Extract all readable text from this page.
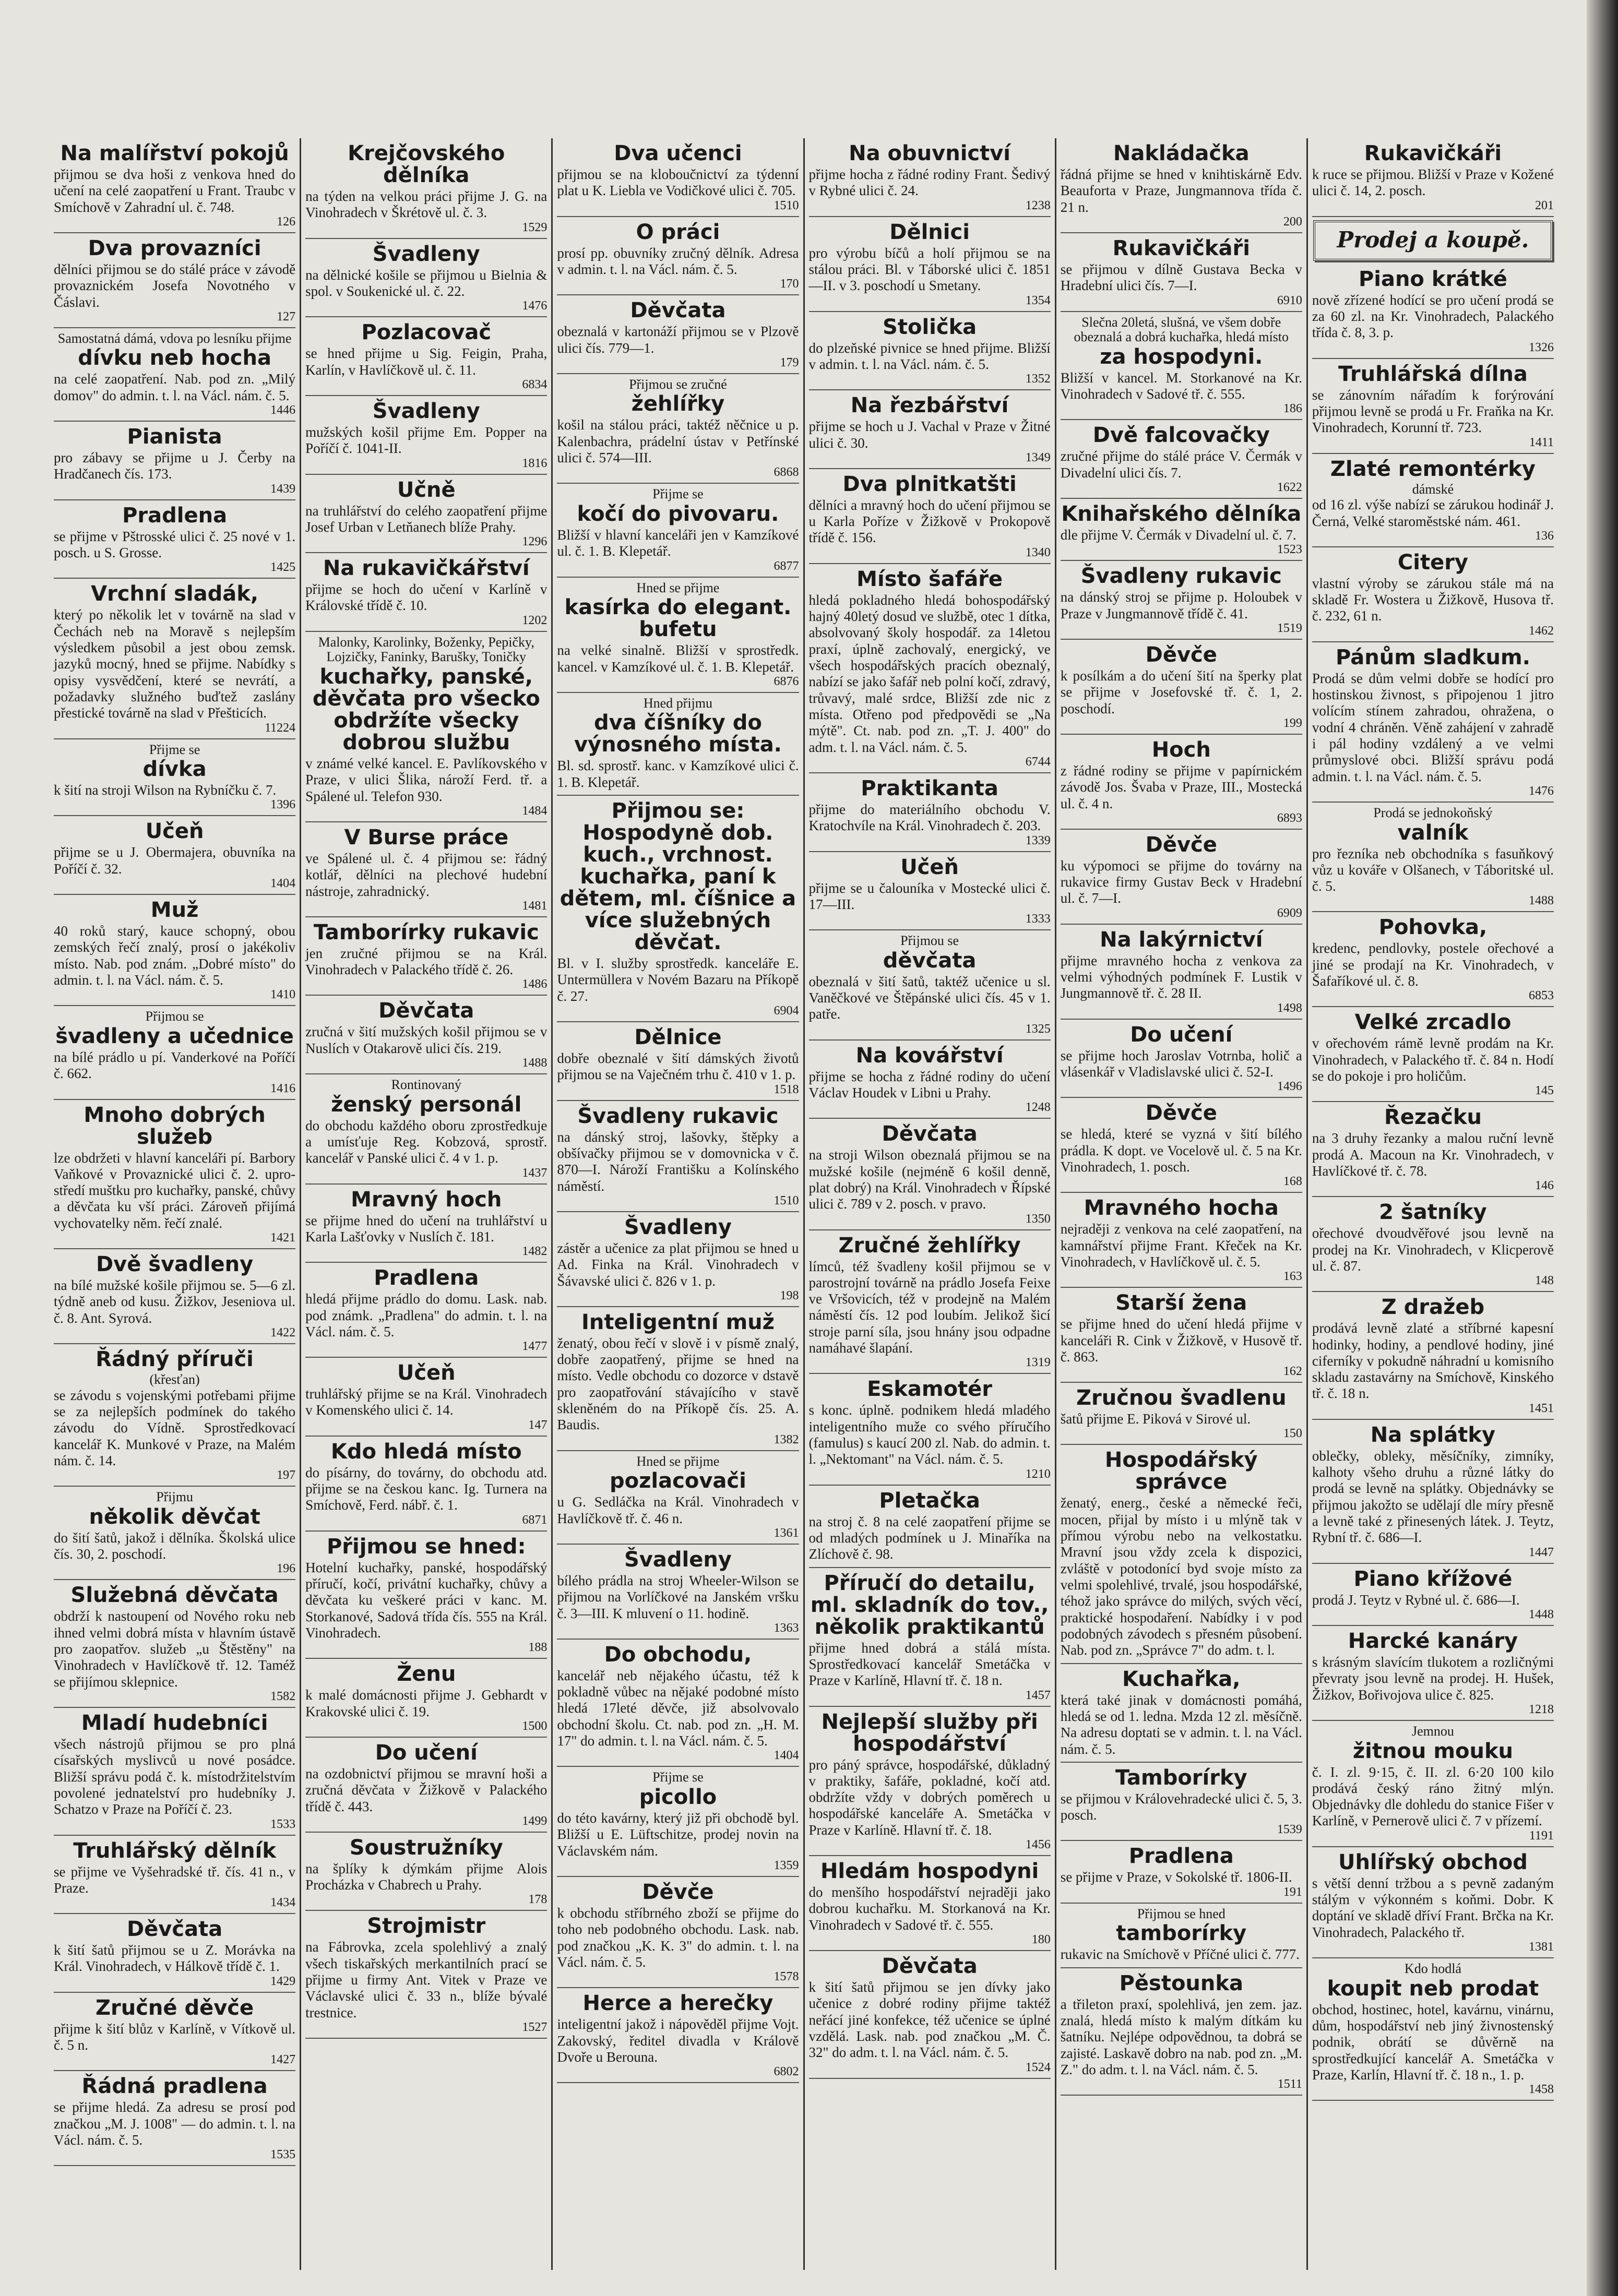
Na malířství pokojů
přijmou se dva hoši z venkova hned do učení na celé zaopatření u Frant. Traubc v Smíchově v Zahradní ul. č. 748.
126
Dva provazníci
dělníci přijmou se do stálé práce v závodě provaznickém Josefa Novotného v Čáslavi.
127
Samostatná dámá, vdova po lesníku přijme
dívku neb hocha
na celé zaopatření. Nab. pod zn. „Milý domov" do admin. t. l. na Václ. nám. č. 5.
1446
Pianista
pro zábavy se přijme u J. Čerby na Hradčanech čís. 173.
1439
Pradlena
se přijme v Pštrosské ulici č. 25 nové v 1. posch. u S. Grosse.
1425
Vrchní sladák,
který po několik let v továrně na slad v Čechách neb na Moravě s nejlepším výsledkem působil a jest obou zemsk. jazyků mocný, hned se přijme. Nabídky s opisy vysvědčení, které se nevrátí, a požadavky služného buďtež zaslány přestické továrně na slad v Přešticích.
11224
Přijme se
dívka
k šití na stroji Wilson na Rybníčku č. 7.
1396
Učeň
přijme se u J. Obermajera, obuvníka na Poříčí č. 32.
1404
Muž
40 roků starý, kauce schopný, obou zemských řečí znalý, prosí o jakékoliv místo. Nab. pod znám. „Dobré místo" do admin. t. l. na Václ. nám. č. 5.
1410
Přijmou se
švadleny a učednice
na bílé prádlo u pí. Vanderkové na Poříčí č. 662.
1416
Mnoho dobrých služeb
lze obdržeti v hlavní kanceláři pí. Barbory Vaňkové v Provaznické ulici č. 2. upro-středí muštku pro kuchařky, panské, chůvy a děvčata ku vší práci. Zároveň přijímá vychovatelky něm. řečí znalé.
1421
Dvě švadleny
na bílé mužské košile přijmou se. 5—6 zl. týdně aneb od kusu. Žižkov, Jeseniova ul. č. 8. Ant. Syrová.
1422
Řádný příruči
(křesťan)
se závodu s vojenskými potřebami přijme se za nejlepších podmínek do takého závodu do Vídně. Sprostředkovací kancelář K. Munkové v Praze, na Malém nám. č. 14.
197
Přijmu
několik děvčat
do šití šatů, jakož i dělníka. Školská ulice čís. 30, 2. poschodí.
196
Služebná děvčata
obdrží k nastoupení od Nového roku neb ihned velmi dobrá místa v hlavním ústavě pro zaopatřov. služeb „u Štěstěny" na Vinohradech v Havlíčkově tř. 12. Taméž se přijímou sklepnice.
1582
Mladí hudebníci
všech nástrojů přijmou se pro plná císařských myslivců u nové posádce. Bližší správu podá č. k. místodržitelstvím povolené jednatelství pro hudebníky J. Schatzo v Praze na Poříčí č. 23.
1533
Truhlářský dělník
se přijme ve Vyšehradské tř. čís. 41 n., v Praze.
1434
Děvčata
k šití šatů přijmou se u Z. Morávka na Král. Vinohradech, v Hálkově třídě č. 1.
1429
Zručné děvče
přijme k šití blůz v Karlíně, v Vítkově ul. č. 5 n.
1427
Řádná pradlena
se přijme hledá. Za adresu se prosí pod značkou „M. J. 1008" — do admin. t. l. na Václ. nám. č. 5.
1535
Krejčovského dělníka
na týden na velkou práci přijme J. G. na Vinohradech v Škrétově ul. č. 3.
1529
Švadleny
na dělnické košile se přijmou u Bielnia & spol. v Soukenické ul. č. 22.
1476
Pozlacovač
se hned přijme u Sig. Feigin, Praha, Karlín, v Havlíčkově ul. č. 11.
6834
Švadleny
mužských košil přijme Em. Popper na Poříčí č. 1041-II.
1816
Učně
na truhlářství do celého zaopatření přijme Josef Urban v Letňanech blíže Prahy.
1296
Na rukavičkářství
přijme se hoch do učení v Karlíně v Královské třídě č. 10.
1202
Malonky, Karolinky, Boženky, Pepičky, Lojzičky, Faninky, Barušky, Toničky
kuchařky, panské, děvčata pro všecko obdržíte všecky dobrou službu
v známé velké kancel. E. Pavlíkovského v Praze, v ulici Šlika, nároží Ferd. tř. a Spálené ul. Telefon 930.
1484
V Burse práce
ve Spálené ul. č. 4 přijmou se: řádný kotlář, dělníci na plechové hudební nástroje, zahradnický.
1481
Tamborírky rukavic
jen zručné přijmou se na Král. Vinohradech v Palackého třídě č. 26.
1486
Děvčata
zručná v šití mužských košil přijmou se v Nuslích v Otakarově ulici čís. 219.
1488
Rontinovaný
ženský personál
do obchodu každého oboru zprostředkuje a umísťuje Reg. Kobzová, sprostř. kancelář v Panské ulici č. 4 v 1. p.
1437
Mravný hoch
se přijme hned do učení na truhlářství u Karla Lašťovky v Nuslích č. 181.
1482
Pradlena
hledá přijme prádlo do domu. Lask. nab. pod známk. „Pradlena" do admin. t. l. na Václ. nám. č. 5.
1477
Učeň
truhlářský přijme se na Král. Vinohradech v Komenského ulici č. 14.
147
Kdo hledá místo
do písárny, do továrny, do obchodu atd. přijme se na českou kanc. Ig. Turnera na Smíchově, Ferd. nábř. č. 1.
6871
Přijmou se hned:
Hotelní kuchařky, panské, hospodářský příručí, kočí, privátní kuchařky, chůvy a děvčata ku veškeré práci v kanc. M. Storkanové, Sadová třída čís. 555 na Král. Vinohradech.
188
Ženu
k malé domácnosti přijme J. Gebhardt v Krakovské ulici č. 19.
1500
Do učení
na ozdobnictví přijmou se mravní hoši a zručná děvčata v Žižkově v Palackého třídě č. 443.
1499
Soustružníky
na šplíky k dýmkám přijme Alois Procházka v Chabrech u Prahy.
178
Strojmistr
na Fábrovka, zcela spolehlivý a znalý všech tiskařských merkantilních prací se přijme u firmy Ant. Vitek v Praze ve Václavské ulici č. 33 n., blíže bývalé trestnice.
1527
Dva učenci
přijmou se na kloboučnictví za týdenní plat u K. Liebla ve Vodičkové ulici č. 705.
1510
O práci
prosí pp. obuvníky zručný dělník. Adresa v admin. t. l. na Václ. nám. č. 5.
170
Děvčata
obeznalá v kartonáží přijmou se v Plzově ulici čís. 779—1.
179
Přijmou se zručné
žehlířky
košil na stálou práci, taktéž něčnice u p. Kalenbachra, prádelní ústav v Petřínské ulici č. 574—III.
6868
Přijme se
kočí do pivovaru.
Bližší v hlavní kanceláři jen v Kamzíkové ul. č. 1. B. Klepetář.
6877
Hned se přijme
kasírka do elegant. bufetu
na velké sinalně. Bližší v sprostředk. kancel. v Kamzíkové ul. č. 1. B. Klepetář.
6876
Hned přijmu
dva číšníky do výnosného místa.
Bl. sd. sprostř. kanc. v Kamzíkové ulici č. 1. B. Klepetář.
Přijmou se: Hospodyně dob. kuch., vrchnost. kuchařka, paní k dětem, ml. číšnice a více služebných děvčat.
Bl. v I. služby sprostředk. kanceláře E. Untermüllera v Novém Bazaru na Příkopě č. 27.
6904
Dělnice
dobře obeznalé v šití dámských životů přijmou se na Vaječném trhu č. 410 v 1. p.
1518
Švadleny rukavic
na dánský stroj, lašovky, štěpky a obšívačky přijmou se v domovnicka v č. 870—I. Nároží Františku a Kolínského náměstí.
1510
Švadleny
zástěr a učenice za plat přijmou se hned u Ad. Finka na Král. Vinohradech v Šávavské ulici č. 826 v 1. p.
198
Inteligentní muž
ženatý, obou řečí v slově i v písmě znalý, dobře zaopatřený, přijme se hned na místo. Vedle obchodu co dozorce v dstavě pro zaopatřování stávajícího v stavě skleněném do na Příkopě čís. 25. A. Baudis.
1382
Hned se přijme
pozlacovači
u G. Sedláčka na Král. Vinohradech v Havlíčkově tř. č. 46 n.
1361
Švadleny
bílého prádla na stroj Wheeler-Wilson se přijmou na Vorlíčkové na Janském vršku č. 3—III. K mluvení o 11. hodině.
1363
Do obchodu,
kancelář neb nějakého účastu, též k pokladně vůbec na nějaké podobné místo hledá 17leté děvče, již absolvovalo obchodní školu. Ct. nab. pod zn. „H. M. 17" do admin. t. l. na Václ. nám. č. 5.
1404
Přijme se
picollo
do této kavárny, který již při obchodě byl. Bližší u E. Lüftschitze, prodej novin na Václavském nám.
1359
Děvče
k obchodu stříbrného zboží se přijme do toho neb podobného obchodu. Lask. nab. pod značkou „K. K. 3" do admin. t. l. na Václ. nám. č. 5.
1578
Herce a herečky
inteligentní jakož i nápověděl přijme Vojt. Zakovský, ředitel divadla v Králově Dvoře u Berouna.
6802
Na obuvnictví
přijme hocha z řádné rodiny Frant. Šedivý v Rybné ulici č. 24.
1238
Dělnici
pro výrobu bíčů a holí přijmou se na stálou práci. Bl. v Táborské ulici č. 1851—II. v 3. poschodí u Smetany.
1354
Stolička
do plzeňské pivnice se hned přijme. Bližší v admin. t. l. na Václ. nám. č. 5.
1352
Na řezbářství
přijme se hoch u J. Vachal v Praze v Žitné ulici č. 30.
1349
Dva plnitkatšti
dělníci a mravný hoch do učení přijmou se u Karla Poříze v Žižkově v Prokopově třídě č. 156.
1340
Místo šafáře
hledá pokladného hledá bohospodářský hajný 40letý dosud ve službě, otec 1 dítka, absolvovaný školy hospodář. za 14letou praxí, úplně zachovalý, energický, ve všech hospodářských pracích obeznalý, nabízí se jako šafář neb polní kočí, zdravý, trůvavý, malé srdce, Bližší zde nic z místa. Otřeno pod předpovědi se „Na mýtě". Ct. nab. pod zn. „T. J. 400" do adm. t. l. na Václ. nám. č. 5.
6744
Praktikanta
přijme do materiálního obchodu V. Kratochvíle na Král. Vinohradech č. 203.
1339
Učeň
přijme se u čalouníka v Mostecké ulici č. 17—III.
1333
Přijmou se
děvčata
obeznalá v šití šatů, taktéž učenice u sl. Vaněčkové ve Štěpánské ulici čís. 45 v 1. patře.
1325
Na kovářství
přijme se hocha z řádné rodiny do učení Václav Houdek v Libni u Prahy.
1248
Děvčata
na stroji Wilson obeznalá přijmou se na mužské košile (nejméně 6 košil denně, plat dobrý) na Král. Vinohradech v Řípské ulici č. 789 v 2. posch. v pravo.
1350
Zručné žehlířky
límců, též švadleny košil přijmou se v parostrojní továrně na prádlo Josefa Feixe ve Vršovicích, též v prodejně na Malém náměstí čís. 12 pod loubím. Jelikož šicí stroje parní síla, jsou hnány jsou odpadne namáhavé šlapání.
1319
Eskamotér
s konc. úplně. podnikem hledá mladého inteligentního muže co svého příručího (famulus) s kaucí 200 zl. Nab. do admin. t. l. „Nektomant" na Václ. nám. č. 5.
1210
Pletačka
na stroj č. 8 na celé zaopatření přijme se od mladých podmínek u J. Minaříka na Zlíchově č. 98.
Příručí do detailu, ml. skladník do tov., několik praktikantů
přijme hned dobrá a stálá místa. Sprostředkovací kancelář Smetáčka v Praze v Karlíně, Hlavní tř. č. 18 n.
1457
Nejlepší služby při hospodářství
pro páný správce, hospodářské, důkladný v praktiky, šafáře, pokladné, kočí atd. obdržíte vždy v dobrých poměrech u hospodářské kanceláře A. Smetáčka v Praze v Karlíně. Hlavní tř. č. 18.
1456
Hledám hospodyni
do menšího hospodářství nejraději jako dobrou kuchařku. M. Storkanová na Kr. Vinohradech v Sadové tř. č. 555.
180
Děvčata
k šití šatů přijmou se jen dívky jako učenice z dobré rodiny přijme taktéž neřácí jiné konfekce, též učenice se úplné vzdělá. Lask. nab. pod značkou „M. Č. 32" do adm. t. l. na Václ. nám. č. 5.
1524
Nakládačka
řádná přijme se hned v knihtiskárně Edv. Beauforta v Praze, Jungmannova třída č. 21 n.
200
Rukavičkáři
se přijmou v dílně Gustava Becka v Hradební ulici čís. 7—I.
6910
Slečna 20letá, slušná, ve všem dobře obeznalá a dobrá kuchařka, hledá místo
za hospodyni.
Bližší v kancel. M. Storkanové na Kr. Vinohradech v Sadové tř. č. 555.
186
Dvě falcovačky
zručné přijme do stálé práce V. Čermák v Divadelní ulici čís. 7.
1622
Knihařského dělníka
dle přijme V. Čermák v Divadelní ul. č. 7.
1523
Švadleny rukavic
na dánský stroj se přijme p. Holoubek v Praze v Jungmannově třídě č. 41.
1519
Děvče
k posílkám a do učení šití na šperky plat se přijme v Josefovské tř. č. 1, 2. poschodí.
199
Hoch
z řádné rodiny se přijme v papírnickém závodě Jos. Švaba v Praze, III., Mostecká ul. č. 4 n.
6893
Děvče
ku výpomoci se přijme do továrny na rukavice firmy Gustav Beck v Hradební ul. č. 7—I.
6909
Na lakýrnictví
přijme mravného hocha z venkova za velmi výhodných podmínek F. Lustik v Jungmannově tř. č. 28 II.
1498
Do učení
se přijme hoch Jaroslav Votrnba, holič a vlásenkář v Vladislavské ulici č. 52-I.
1496
Děvče
se hledá, které se vyzná v šití bílého prádla. K dopt. ve Vocelově ul. č. 5 na Kr. Vinohradech, 1. posch.
168
Mravného hocha
nejraději z venkova na celé zaopatření, na kamnářství přijme Frant. Křeček na Kr. Vinohradech, v Havlíčkově ul. č. 5.
163
Starší žena
se přijme hned do učení hledá přijme v kanceláři R. Cink v Žižkově, v Husově tř. č. 863.
162
Zručnou švadlenu
šatů přijme E. Piková v Sirové ul.
150
Hospodářský správce
ženatý, energ., české a německé řeči, mocen, přijal by místo i u mlýně tak v přímou výrobu nebo na velkostatku. Mravní jsou vždy zcela k dispozici, zvláště v potodonící byd svoje místo za velmi spolehlivé, trvalé, jsou hospodářské, téhož jako správce do milých, svých věcí, praktické hospodaření. Nabídky i v pod podobných závodech s přesném působení. Nab. pod zn. „Správce 7" do adm. t. l.
Kuchařka,
která také jinak v domácnosti pomáhá, hledá se od 1. ledna. Mzda 12 zl. měsíčně. Na adresu doptati se v admin. t. l. na Václ. nám. č. 5.
Tamborírky
se přijmou v Královehradecké ulici č. 5, 3. posch.
1539
Pradlena
se přijme v Praze, v Sokolské tř. 1806-II.
191
Přijmou se hned
tamborírky
rukavic na Smíchově v Příčné ulici č. 777.
Pěstounka
a třileton praxí, spolehlivá, jen zem. jaz. znalá, hledá místo k malým dítkám ku šatníku. Nejlépe odpovědnou, ta dobrá se zajisté. Laskavě dobro na nab. pod zn. „M. Z." do adm. t. l. na Václ. nám. č. 5.
1511
Rukavičkáři
k ruce se přijmou. Bližší v Praze v Kožené ulici č. 14, 2. posch.
201
Prodej a koupě.
Piano krátké
nově zřízené hodící se pro učení prodá se za 60 zl. na Kr. Vinohradech, Palackého třída č. 8, 3. p.
1326
Truhlářská dílna
se zánovním nářadím k forýrování přijmou levně se prodá u Fr. Fraňka na Kr. Vinohradech, Korunní tř. 723.
1411
Zlaté remontérky
dámské
od 16 zl. výše nabízí se zárukou hodinář J. Černá, Velké staroměstské nám. 461.
136
Citery
vlastní výroby se zárukou stále má na skladě Fr. Wostera u Žižkově, Husova tř. č. 232, 61 n.
1462
Pánům sladkum.
Prodá se dům velmi dobře se hodící pro hostinskou živnost, s připojenou 1 jitro volícím stínem zahradou, ohražena, o vodní 4 chráněn. Věně zahájení v zahradě i pál hodiny vzdálený a ve velmi průmyslové obci. Bližší správu podá admin. t. l. na Václ. nám. č. 5.
1476
Prodá se jednokoňský
valník
pro řezníka neb obchodníka s fasuňkový vůz u kováře v Olšanech, v Táboritské ul. č. 5.
1488
Pohovka,
kredenc, pendlovky, postele ořechové a jiné se prodají na Kr. Vinohradech, v Šafaříkové ul. č. 8.
6853
Velké zrcadlo
v ořechovém rámě levně prodám na Kr. Vinohradech, v Palackého tř. č. 84 n. Hodí se do pokoje i pro holičům.
145
Řezačku
na 3 druhy řezanky a malou ruční levně prodá A. Macoun na Kr. Vinohradech, v Havlíčkové tř. č. 78.
146
2 šatníky
ořechové dvoudvěřové jsou levně na prodej na Kr. Vinohradech, v Klicperově ul. č. 87.
148
Z dražeb
prodává levně zlaté a stříbrné kapesní hodinky, hodiny, a pendlové hodiny, jiné ciferníky v pokudně náhradní u komisního skladu zastavárny na Smíchově, Kinského tř. č. 18 n.
1451
Na splátky
oblečky, obleky, měsíčníky, zimníky, kalhoty všeho druhu a různé látky do prodá se levně na splátky. Objednávky se přijmou jakožto se udělají dle míry přesně a levně také z přinesených látek. J. Teytz, Rybní tř. č. 686—I.
1447
Piano křížové
prodá J. Teytz v Rybné ul. č. 686—I.
1448
Harcké kanáry
s krásným slavícím tlukotem a rozličnými převraty jsou levně na prodej. H. Hušek, Žižkov, Bořivojova ulice č. 825.
1218
Jemnou
žitnou mouku
č. I. zl. 9·15, č. II. zl. 6·20 100 kilo prodává český ráno žitný mlýn. Objednávky dle dohledu do stanice Fišer v Karlíně, v Pernerově ulici č. 7 v přízemí.
1191
Uhlířský obchod
s větší denní tržbou a s pevně zadaným stálým v výkonném s koňmi. Dobr. K doptání ve skladě dříví Frant. Brčka na Kr. Vinohradech, Palackého tř.
1381
Kdo hodlá
koupit neb prodat
obchod, hostinec, hotel, kavárnu, vinárnu, dům, hospodářství neb jiný živnostenský podnik, obrátí se důvěrně na sprostředkující kancelář A. Smetáčka v Praze, Karlín, Hlavní tř. č. 18 n., 1. p.
1458
